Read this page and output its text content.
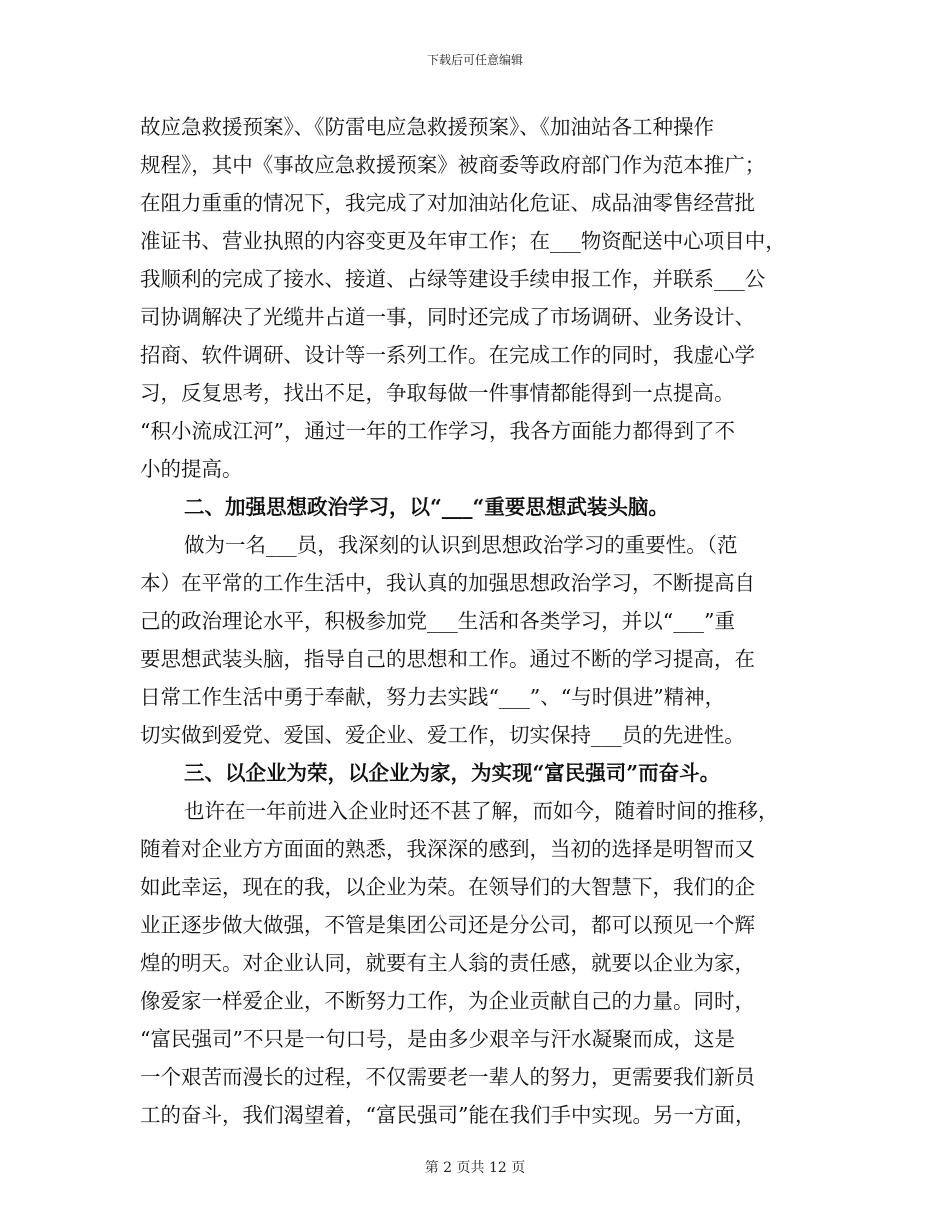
下载后可任意编辑
故应急救援预案》、《防雷电应急救援预案》、《加油站各工种操作
规程》，其中《事故应急救援预案》被商委等政府部门作为范本推广；
在阻力重重的情况下，我完成了对加油站化危证、成品油零售经营批
准证书、营业执照的内容变更及年审工作；在___物资配送中心项目中，
我顺利的完成了接水、接道、占绿等建设手续申报工作，并联系___公
司协调解决了光缆井占道一事，同时还完成了市场调研、业务设计、
招商、软件调研、设计等一系列工作。在完成工作的同时，我虚心学
习，反复思考，找出不足，争取每做一件事情都能得到一点提高。
“积小流成江河”，通过一年的工作学习，我各方面能力都得到了不
小的提高。
二、加强思想政治学习，以“___“重要思想武装头脑。
做为一名___员，我深刻的认识到思想政治学习的重要性。（范
本）在平常的工作生活中，我认真的加强思想政治学习，不断提高自
己的政治理论水平，积极参加党___生活和各类学习，并以“___”重
要思想武装头脑，指导自己的思想和工作。通过不断的学习提高，在
日常工作生活中勇于奉献，努力去实践“___”、“与时俱进”精神，
切实做到爱党、爱国、爱企业、爱工作，切实保持___员的先进性。
三、以企业为荣，以企业为家，为实现“富民强司”而奋斗。
也许在一年前进入企业时还不甚了解，而如今，随着时间的推移，
随着对企业方方面面的熟悉，我深深的感到，当初的选择是明智而又
如此幸运，现在的我，以企业为荣。在领导们的大智慧下，我们的企
业正逐步做大做强，不管是集团公司还是分公司，都可以预见一个辉
煌的明天。对企业认同，就要有主人翁的责任感，就要以企业为家，
像爱家一样爱企业，不断努力工作，为企业贡献自己的力量。同时，
“富民强司”不只是一句口号，是由多少艰辛与汗水凝聚而成，这是
一个艰苦而漫长的过程，不仅需要老一辈人的努力，更需要我们新员
工的奋斗，我们渴望着，“富民强司”能在我们手中实现。另一方面，
第 2 页共 12 页
